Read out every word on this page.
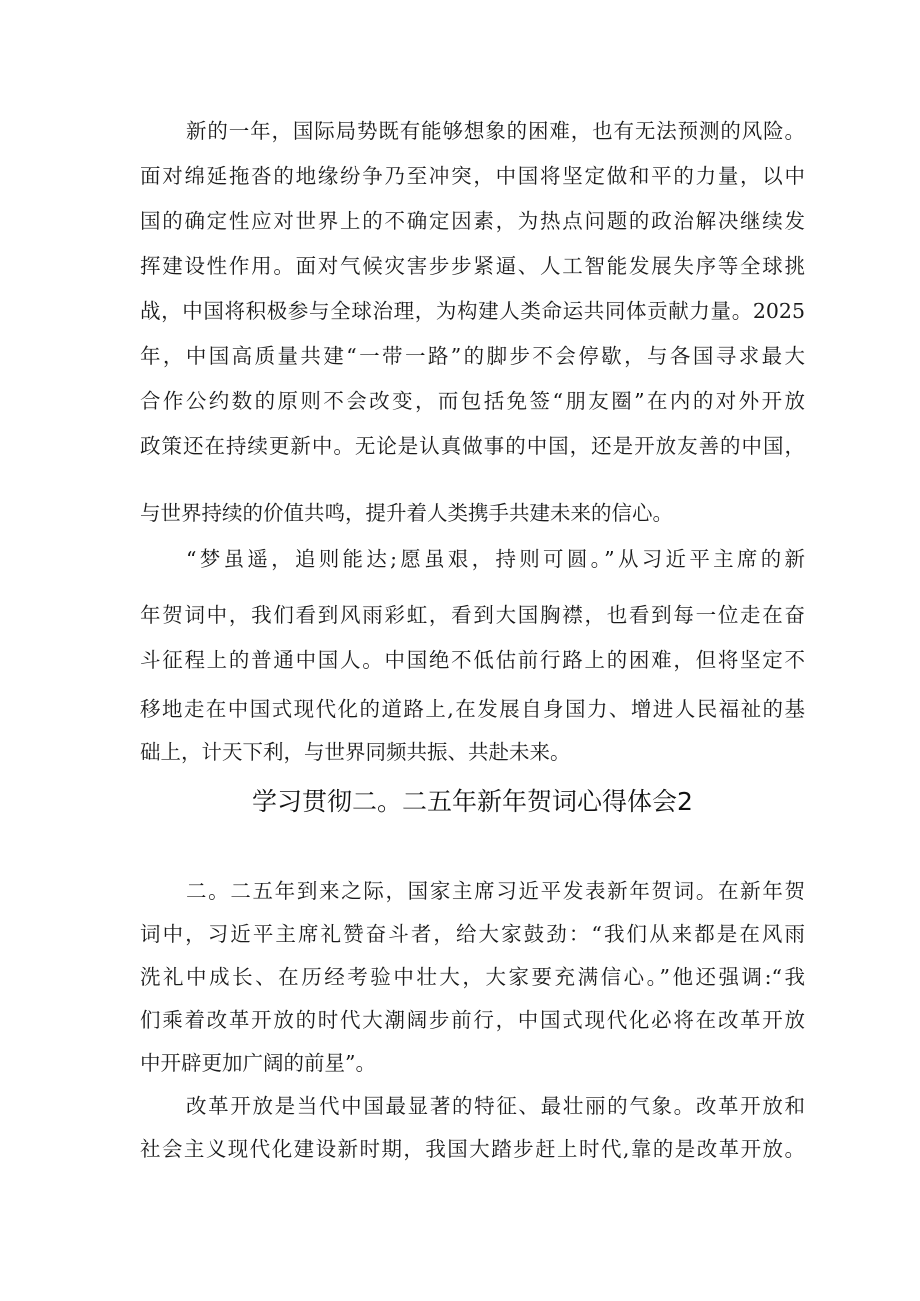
新的一年，国际局势既有能够想象的困难，也有无法预测的风险。
面对绵延拖沓的地缘纷争乃至冲突，中国将坚定做和平的力量，以中
国的确定性应对世界上的不确定因素，为热点问题的政治解决继续发
挥建设性作用。面对气候灾害步步紧逼、人工智能发展失序等全球挑
战，中国将积极参与全球治理，为构建人类命运共同体贡献力量。2025
年，中国高质量共建“一带一路”的脚步不会停歇，与各国寻求最大
合作公约数的原则不会改变，而包括免签“朋友圈”在内的对外开放
政策还在持续更新中。无论是认真做事的中国，还是开放友善的中国，
与世界持续的价值共鸣，提升着人类携手共建未来的信心。
“梦虽遥，追则能达;愿虽艰，持则可圆。”从习近平主席的新
年贺词中，我们看到风雨彩虹，看到大国胸襟，也看到每一位走在奋
斗征程上的普通中国人。中国绝不低估前行路上的困难，但将坚定不
移地走在中国式现代化的道路上,在发展自身国力、增进人民福祉的基
础上，计天下利，与世界同频共振、共赴未来。
学习贯彻二。二五年新年贺词心得体会2
二。二五年到来之际，国家主席习近平发表新年贺词。在新年贺
词中，习近平主席礼赞奋斗者，给大家鼓劲：“我们从来都是在风雨
洗礼中成长、在历经考验中壮大，大家要充满信心。”他还强调:“我
们乘着改革开放的时代大潮阔步前行，中国式现代化必将在改革开放
中开辟更加广阔的前星”。
改革开放是当代中国最显著的特征、最壮丽的气象。改革开放和
社会主义现代化建设新时期，我国大踏步赶上时代,靠的是改革开放。
